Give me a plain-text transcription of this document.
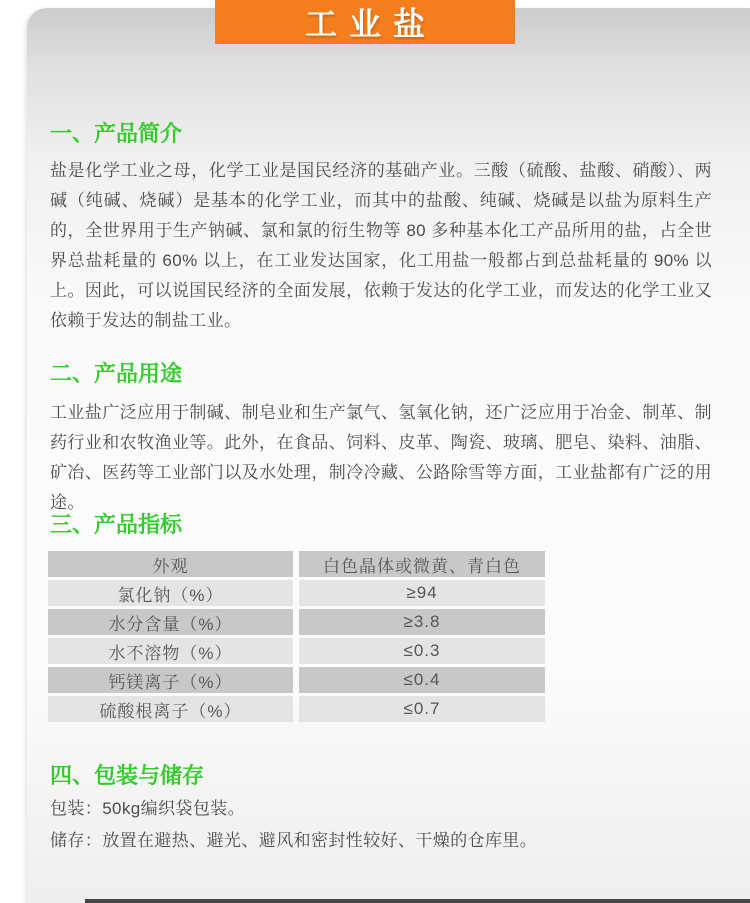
工业盐
一、产品简介

盐是化学工业之母，化学工业是国民经济的基础产业。三酸（硫酸、盐酸、硝酸）、两碱（纯碱、烧碱）是基本的化学工业，而其中的盐酸、纯碱、烧碱是以盐为原料生产的，全世界用于生产钠碱、氯和氯的衍生物等 80 多种基本化工产品所用的盐，占全世界总盐耗量的 60% 以上，在工业发达国家，化工用盐一般都占到总盐耗量的 90% 以上。因此，可以说国民经济的全面发展，依赖于发达的化学工业，而发达的化学工业又依赖于发达的制盐工业。

二、产品用途

工业盐广泛应用于制碱、制皂业和生产氯气、氢氧化钠，还广泛应用于冶金、制革、制药行业和农牧渔业等。此外，在食品、饲料、皮革、陶瓷、玻璃、肥皂、染料、油脂、矿冶、医药等工业部门以及水处理，制冷冷藏、公路除雪等方面，工业盐都有广泛的用途。

三、产品指标
外观	白色晶体或微黄、青白色
氯化钠（%）	≥94
水分含量（%）	≥3.8
水不溶物（%）	≤0.3
钙镁离子（%）	≤0.4
硫酸根离子（%）	≤0.7
四、包装与储存

包装：50kg编织袋包装。

储存：放置在避热、避光、避风和密封性较好、干燥的仓库里。
